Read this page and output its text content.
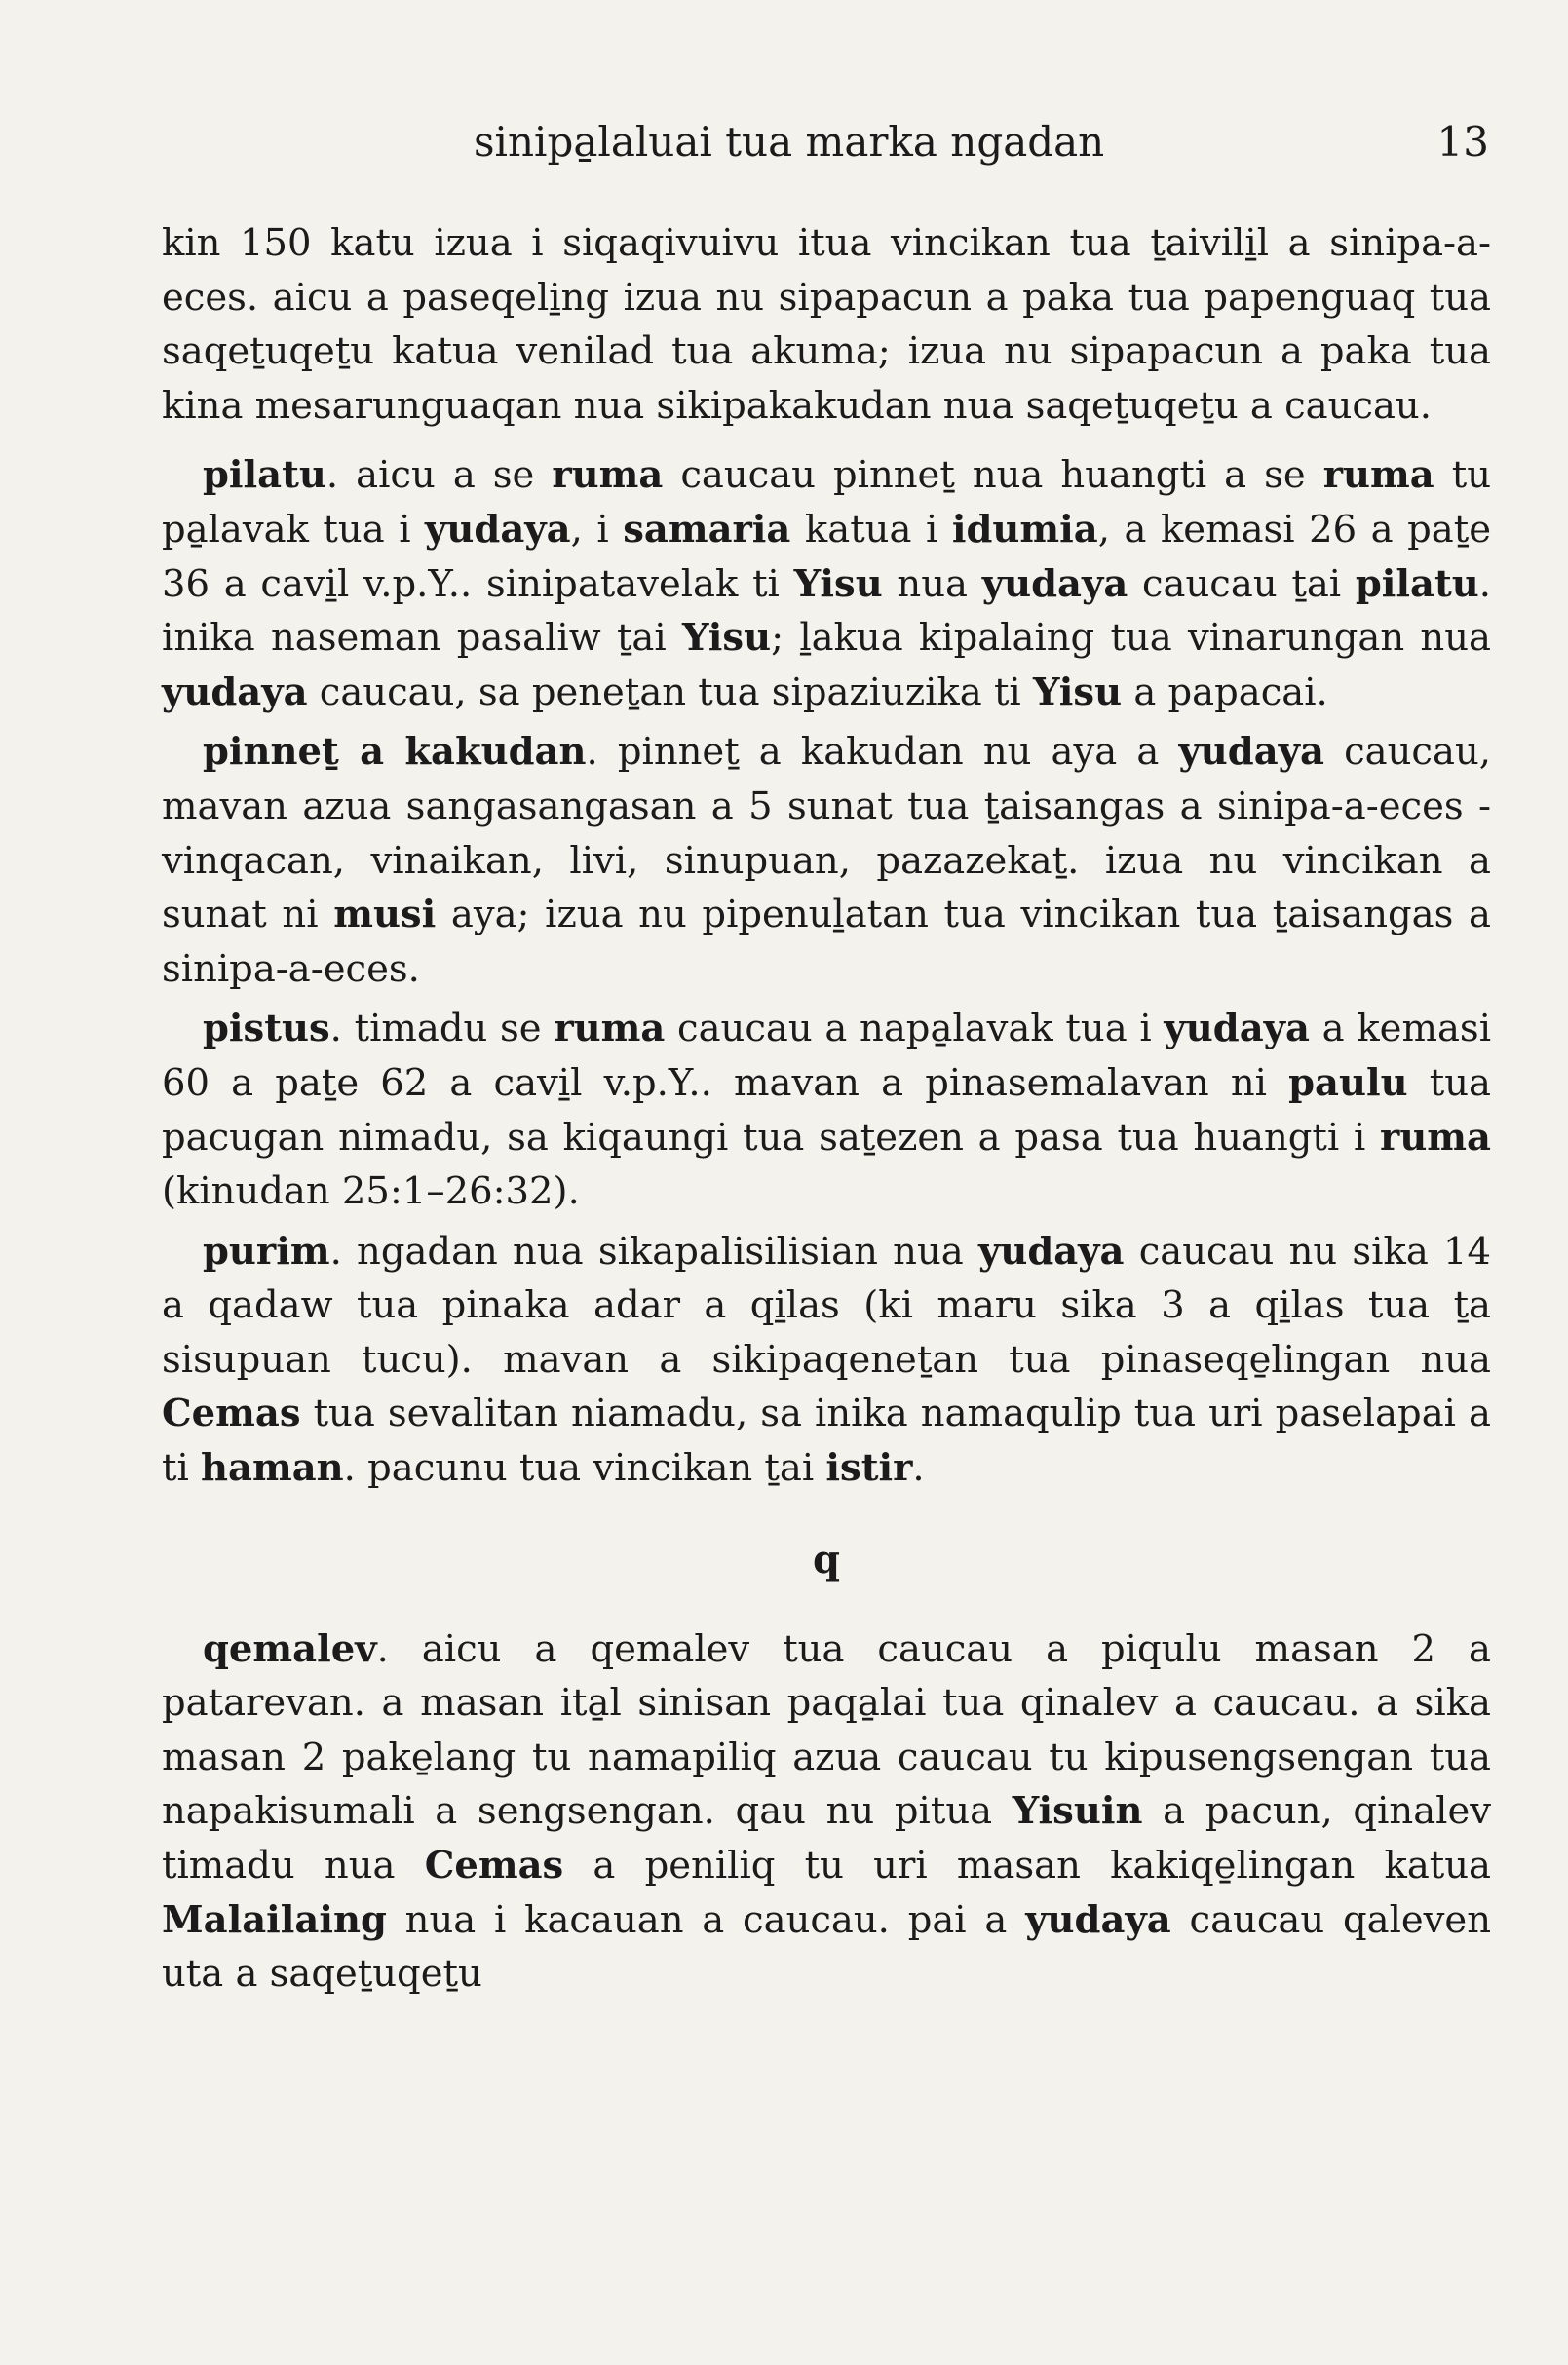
sinipa̱laluai tua marka ngadan	13

kin 150 katu izua i siqaqivuivu itua vincikan tua ṯaivili̱l a sinipa-a-eces. aicu a paseqeli̱ng izua nu sipapacun a paka tua papenguaq tua saqeṯuqeṯu katua venilad tua akuma; izua nu sipapacun a paka tua kina mesarunguaqan nua sikipakakudan nua saqeṯuqeṯu a caucau.

pilatu. aicu a se ruma caucau pinneṯ nua huangti a se ruma tu pa̱lavak tua i yudaya, i samaria katua i idumia, a kemasi 26 a paṯe 36 a cavi̱l v.p.Y.. sinipatavelak ti Yisu nua yudaya caucau ṯai pilatu. inika naseman pasaliw ṯai Yisu; ḻakua kipalaing tua vinarungan nua yudaya caucau, sa peneṯan tua sipaziuzika ti Yisu a papacai.

pinneṯ a kakudan. pinneṯ a kakudan nu aya a yudaya caucau, mavan azua sangasangasan a 5 sunat tua ṯaisangas a sinipa-a-eces - vinqacan, vinaikan, livi, sinupuan, pazazekaṯ. izua nu vincikan a sunat ni musi aya; izua nu pipenuḻatan tua vincikan tua ṯaisangas a sinipa-a-eces.

pistus. timadu se ruma caucau a napa̱lavak tua i yudaya a kemasi 60 a paṯe 62 a cavi̱l v.p.Y.. mavan a pinasemalavan ni paulu tua pacugan nimadu, sa kiqaungi tua saṯezen a pasa tua huangti i ruma (kinudan 25:1–26:32).

purim. ngadan nua sikapalisilisian nua yudaya caucau nu sika 14 a qadaw tua pinaka adar a qi̱las (ki maru sika 3 a qi̱las tua ṯa sisupuan tucu). mavan a sikipaqeneṯan tua pinaseqe̱lingan nua Cemas tua sevalitan niamadu, sa inika namaqulip tua uri paselapai a ti haman. pacunu tua vincikan ṯai istir.

q

qemalev. aicu a qemalev tua caucau a piqulu masan 2 a patarevan. a masan ita̱l sinisan paqa̱lai tua qinalev a caucau. a sika masan 2 pake̱lang tu namapiliq azua caucau tu kipusengsengan tua napakisumali a sengsengan. qau nu pitua Yisuin a pacun, qinalev timadu nua Cemas a peniliq tu uri masan kakiqe̱lingan katua Malailaing nua i kacauan a caucau. pai a yudaya caucau qaleven uta a saqeṯuqeṯu
